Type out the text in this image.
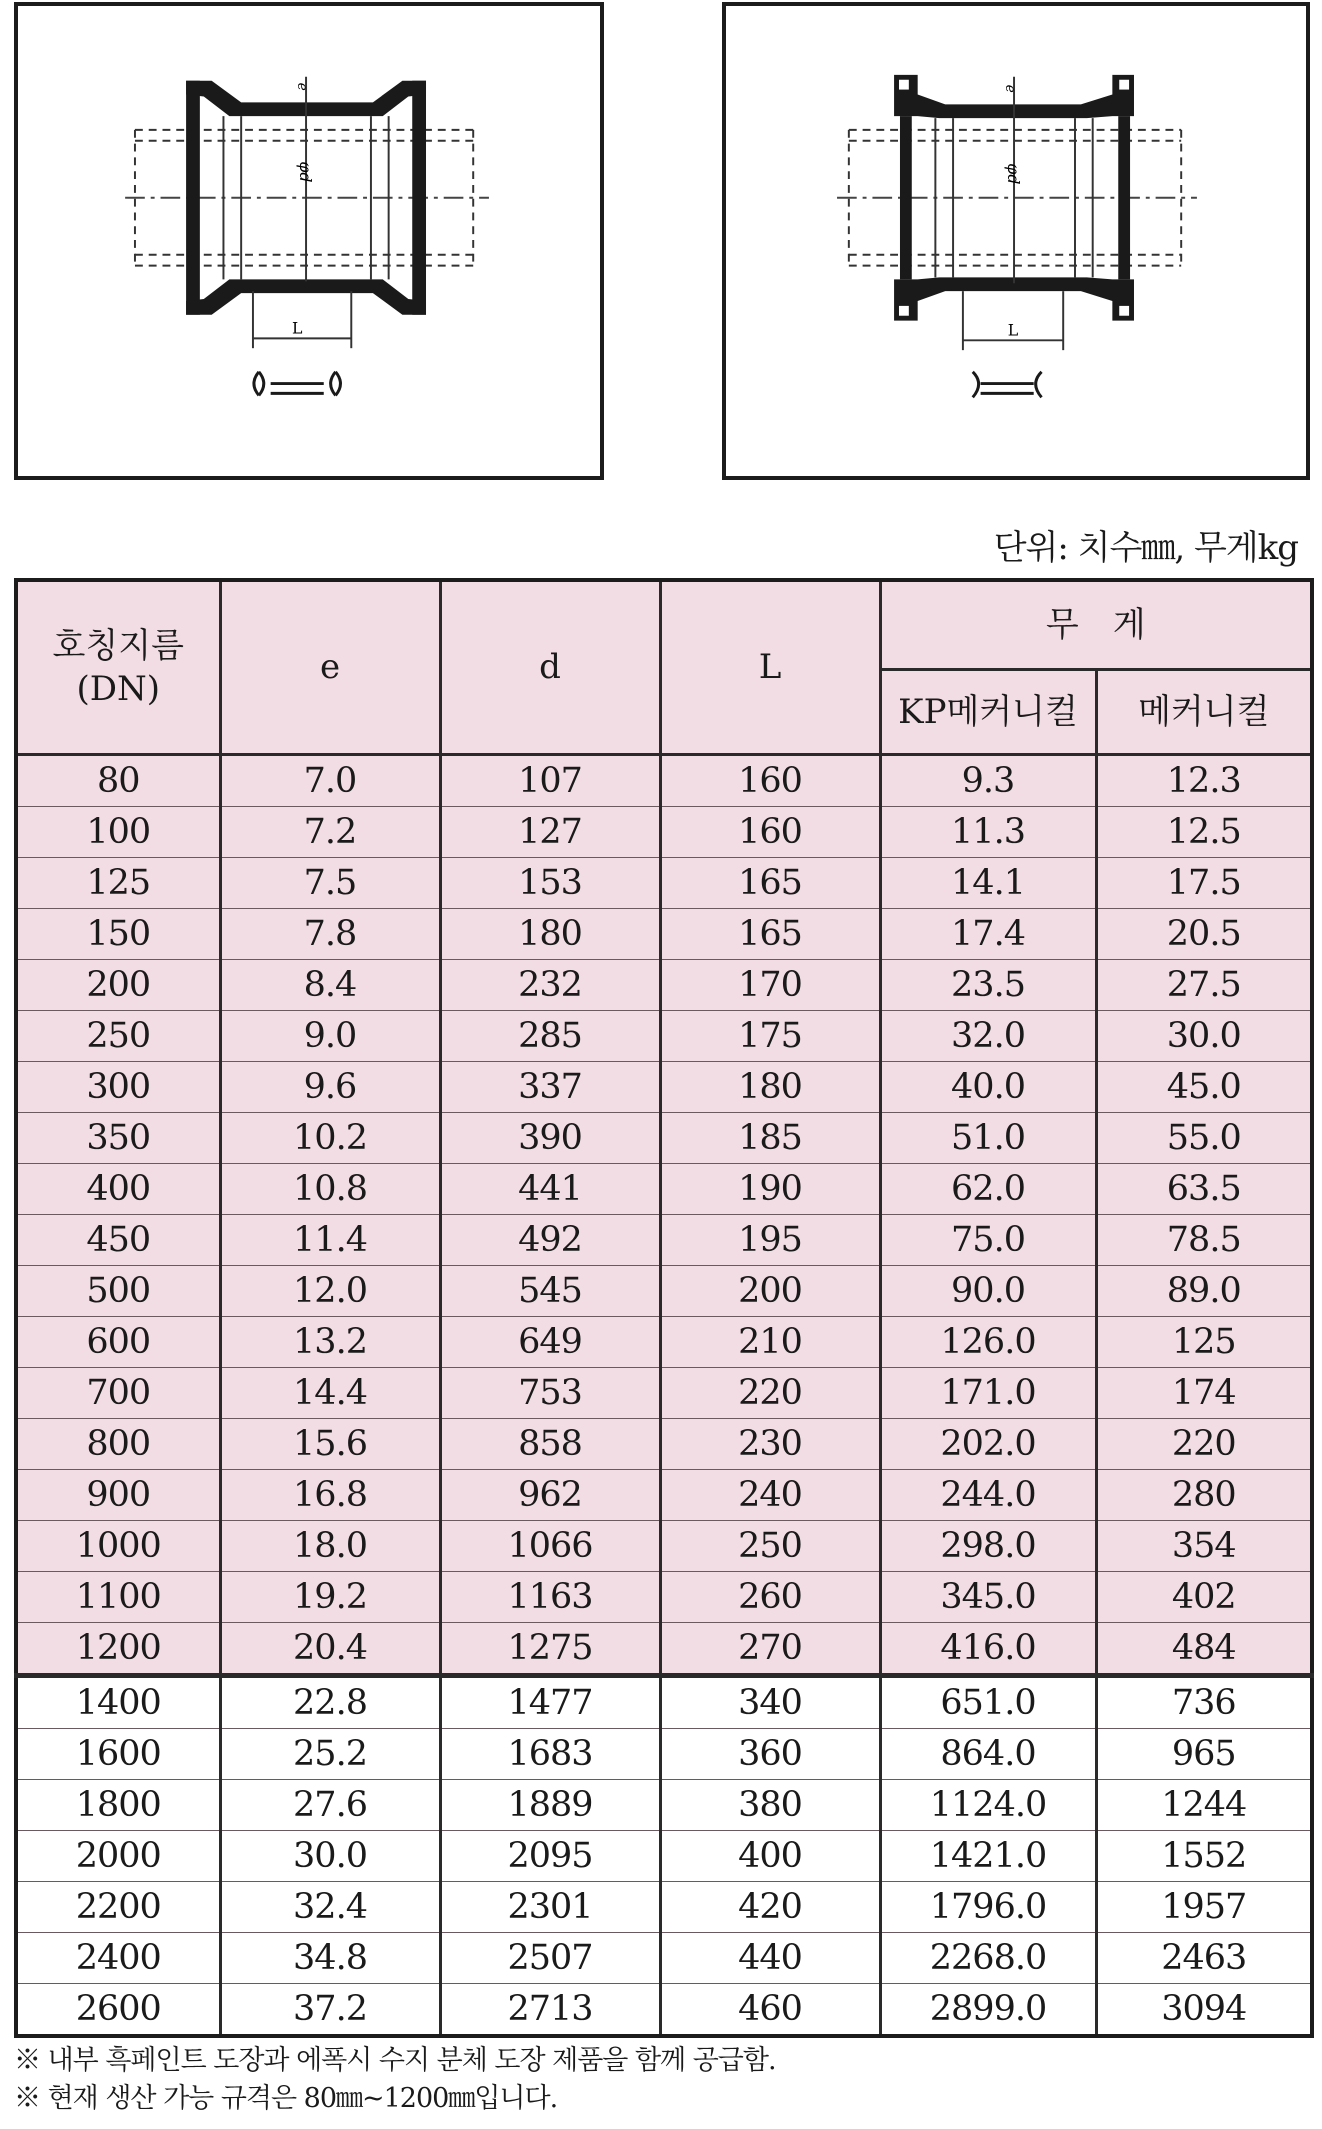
φd
e
L
φd
e
L
단위: 치수㎜, 무게kg
호칭지름
(DN)	e	d	L	무　게	
				KP메커니컬	메커니컬
80	7.0	107	160	9.3	12.3
100	7.2	127	160	11.3	12.5
125	7.5	153	165	14.1	17.5
150	7.8	180	165	17.4	20.5
200	8.4	232	170	23.5	27.5
250	9.0	285	175	32.0	30.0
300	9.6	337	180	40.0	45.0
350	10.2	390	185	51.0	55.0
400	10.8	441	190	62.0	63.5
450	11.4	492	195	75.0	78.5
500	12.0	545	200	90.0	89.0
600	13.2	649	210	126.0	125
700	14.4	753	220	171.0	174
800	15.6	858	230	202.0	220
900	16.8	962	240	244.0	280
1000	18.0	1066	250	298.0	354
1100	19.2	1163	260	345.0	402
1200	20.4	1275	270	416.0	484
1400	22.8	1477	340	651.0	736
1600	25.2	1683	360	864.0	965
1800	27.6	1889	380	1124.0	1244
2000	30.0	2095	400	1421.0	1552
2200	32.4	2301	420	1796.0	1957
2400	34.8	2507	440	2268.0	2463
2600	37.2	2713	460	2899.0	3094
※ 내부 흑페인트 도장과 에폭시 수지 분체 도장 제품을 함께 공급함.
※ 현재 생산 가능 규격은 80㎜~1200㎜입니다.
